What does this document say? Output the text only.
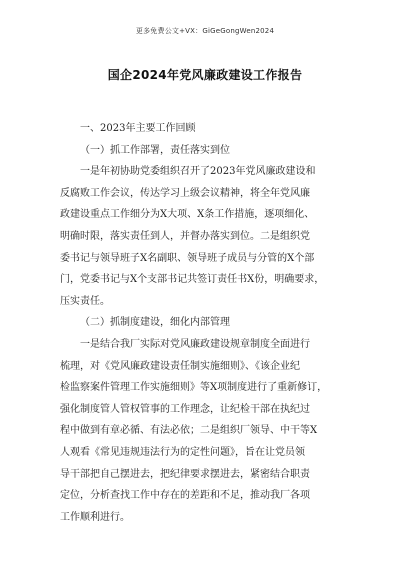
更多免费公文+VX：GiGeGongWen2024
国企2024年党风廉政建设工作报告
一、2023年主要工作回顾
（一）抓工作部署，责任落实到位
一是年初协助党委组织召开了2023年党风廉政建设和
反腐败工作会议，传达学习上级会议精神，将全年党风廉
政建设重点工作细分为X大项、X条工作措施，逐项细化、
明确时限，落实责任到人，并督办落实到位。二是组织党
委书记与领导班子X名副职、领导班子成员与分管的X个部
门，党委书记与X个支部书记共签订责任书X份，明确要求，
压实责任。
（二）抓制度建设，细化内部管理
一是结合我厂实际对党风廉政建设规章制度全面进行
梳理，对《党风廉政建设责任制实施细则》、《该企业纪
检监察案件管理工作实施细则》等X项制度进行了重新修订，
强化制度管人管权管事的工作理念，让纪检干部在执纪过
程中做到有章必循、有法必依；二是组织厂领导、中干等X
人观看《常见违规违法行为的定性问题》，旨在让党员领
导干部把自己摆进去，把纪律要求摆进去，紧密结合职责
定位，分析查找工作中存在的差距和不足，推动我厂各项
工作顺利进行。
